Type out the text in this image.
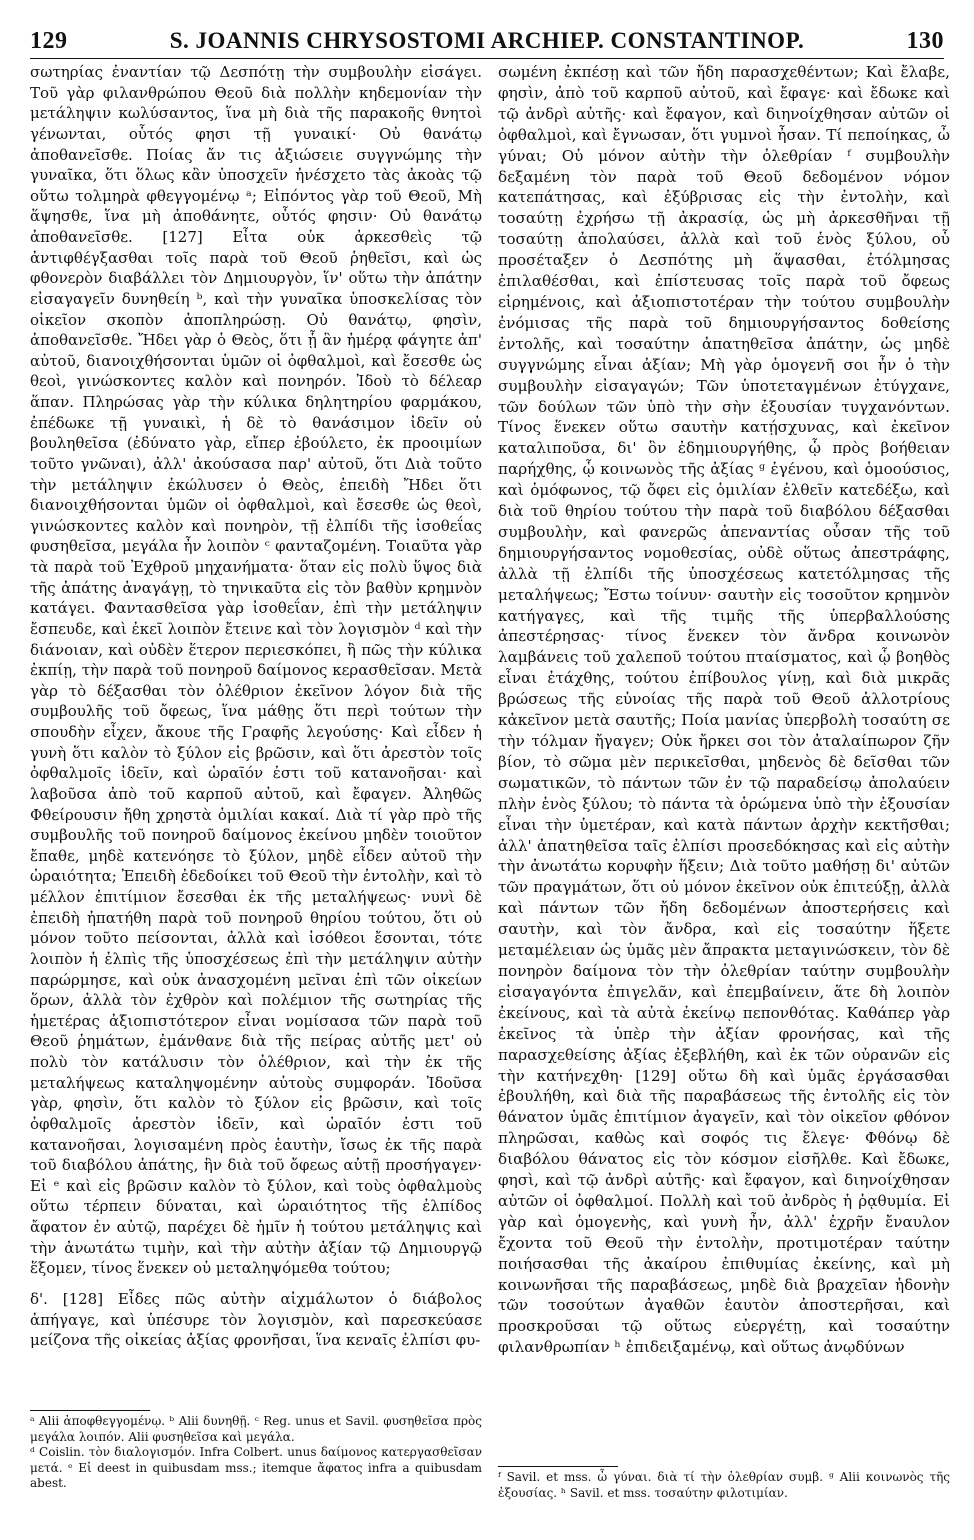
129	S. JOANNIS CHRYSOSTOMI ARCHIEP. CONSTANTINOP.	130

σωτηρίας ἐναντίαν τῷ Δεσπότῃ τὴν συμβουλὴν εἰσάγει. Τοῦ γὰρ φιλανθρώπου Θεοῦ διὰ πολλὴν κηδεμονίαν τὴν μετάληψιν κωλύσαντος, ἵνα μὴ διὰ τῆς παρακοῆς θνητοὶ γένωνται, οὗτός φησι τῇ γυναικί· Οὐ θανάτῳ ἀποθανεῖσθε. Ποίας ἄν τις ἀξιώσειε συγγνώμης τὴν γυναῖκα, ὅτι ὅλως κἂν ὑποσχεῖν ἠνέσχετο τὰς ἀκοὰς τῷ οὕτω τολμηρὰ φθεγγομένῳ ᵃ; Εἰπόντος γὰρ τοῦ Θεοῦ, Μὴ ἅψησθε, ἵνα μὴ ἀποθάνητε, οὗτός φησιν· Οὐ θανάτῳ ἀποθανεῖσθε. [127] Εἶτα οὐκ ἀρκεσθεὶς τῷ ἀντιφθέγξασθαι τοῖς παρὰ τοῦ Θεοῦ ῥηθεῖσι, καὶ ὡς φθονερὸν διαβάλλει τὸν Δημιουργὸν, ἵν' οὕτω τὴν ἀπάτην εἰσαγαγεῖν δυνηθείη ᵇ, καὶ τὴν γυναῖκα ὑποσκελίσας τὸν οἰκεῖον σκοπὸν ἀποπληρώσῃ. Οὐ θανάτῳ, φησὶν, ἀποθανεῖσθε. Ἤδει γὰρ ὁ Θεὸς, ὅτι ᾗ ἂν ἡμέρᾳ φάγητε ἀπ' αὐτοῦ, διανοιχθήσονται ὑμῶν οἱ ὀφθαλμοὶ, καὶ ἔσεσθε ὡς θεοὶ, γινώσκοντες καλὸν καὶ πονηρόν. Ἰδοὺ τὸ δέλεαρ ἅπαν. Πληρώσας γὰρ τὴν κύλικα δηλητηρίου φαρμάκου, ἐπέδωκε τῇ γυναικὶ, ἡ δὲ τὸ θανάσιμον ἰδεῖν οὐ βουληθεῖσα (ἐδύνατο γὰρ, εἴπερ ἐβούλετο, ἐκ προοιμίων τοῦτο γνῶναι), ἀλλ' ἀκούσασα παρ' αὐτοῦ, ὅτι Διὰ τοῦτο τὴν μετάληψιν ἐκώλυσεν ὁ Θεὸς, ἐπειδὴ Ἤδει ὅτι διανοιχθήσονται ὑμῶν οἱ ὀφθαλμοὶ, καὶ ἔσεσθε ὡς θεοὶ, γινώσκοντες καλὸν καὶ πονηρὸν, τῇ ἐλπίδι τῆς ἰσοθεΐας φυσηθεῖσα, μεγάλα ἦν λοιπὸν ᶜ φανταζομένη. Τοιαῦτα γὰρ τὰ παρὰ τοῦ Ἐχθροῦ μηχανήματα· ὅταν εἰς πολὺ ὕψος διὰ τῆς ἀπάτης ἀναγάγῃ, τὸ τηνικαῦτα εἰς τὸν βαθὺν κρημνὸν κατάγει. Φαντασθεῖσα γὰρ ἰσοθεΐαν, ἐπὶ τὴν μετάληψιν ἔσπευδε, καὶ ἐκεῖ λοιπὸν ἔτεινε καὶ τὸν λογισμὸν ᵈ καὶ τὴν διάνοιαν, καὶ οὐδὲν ἕτερον περιεσκόπει, ἢ πῶς τὴν κύλικα ἐκπίῃ, τὴν παρὰ τοῦ πονηροῦ δαίμονος κερασθεῖσαν. Μετὰ γὰρ τὸ δέξασθαι τὸν ὀλέθριον ἐκεῖνον λόγον διὰ τῆς συμβουλῆς τοῦ ὄφεως, ἵνα μάθῃς ὅτι περὶ τούτων τὴν σπουδὴν εἶχεν, ἄκουε τῆς Γραφῆς λεγούσης· Καὶ εἶδεν ἡ γυνὴ ὅτι καλὸν τὸ ξύλον εἰς βρῶσιν, καὶ ὅτι ἀρεστὸν τοῖς ὀφθαλμοῖς ἰδεῖν, καὶ ὡραῖόν ἐστι τοῦ κατανοῆσαι· καὶ λαβοῦσα ἀπὸ τοῦ καρποῦ αὐτοῦ, καὶ ἔφαγεν. Ἀληθῶς Φθείρουσιν ἤθη χρηστὰ ὁμιλίαι κακαί. Διὰ τί γὰρ πρὸ τῆς συμβουλῆς τοῦ πονηροῦ δαίμονος ἐκείνου μηδὲν τοιοῦτον ἔπαθε, μηδὲ κατενόησε τὸ ξύλον, μηδὲ εἶδεν αὐτοῦ τὴν ὡραιότητα; Ἐπειδὴ ἐδεδοίκει τοῦ Θεοῦ τὴν ἐντολὴν, καὶ τὸ μέλλον ἐπιτίμιον ἔσεσθαι ἐκ τῆς μεταλήψεως· νυνὶ δὲ ἐπειδὴ ἠπατήθη παρὰ τοῦ πονηροῦ θηρίου τούτου, ὅτι οὐ μόνον τοῦτο πείσονται, ἀλλὰ καὶ ἰσόθεοι ἔσονται, τότε λοιπὸν ἡ ἐλπὶς τῆς ὑποσχέσεως ἐπὶ τὴν μετάληψιν αὐτὴν παρώρμησε, καὶ οὐκ ἀνασχομένη μεῖναι ἐπὶ τῶν οἰκείων ὅρων, ἀλλὰ τὸν ἐχθρὸν καὶ πολέμιον τῆς σωτηρίας τῆς ἡμετέρας ἀξιοπιστότερον εἶναι νομίσασα τῶν παρὰ τοῦ Θεοῦ ῥημάτων, ἐμάνθανε διὰ τῆς πείρας αὐτῆς μετ' οὐ πολὺ τὸν κατάλυσιν τὸν ὀλέθριον, καὶ τὴν ἐκ τῆς μεταλήψεως καταληψομένην αὐτοὺς συμφοράν. Ἰδοῦσα γὰρ, φησὶν, ὅτι καλὸν τὸ ξύλον εἰς βρῶσιν, καὶ τοῖς ὀφθαλμοῖς ἀρεστὸν ἰδεῖν, καὶ ὡραῖόν ἐστι τοῦ κατανοῆσαι, λογισαμένη πρὸς ἑαυτὴν, ἴσως ἐκ τῆς παρὰ τοῦ διαβόλου ἀπάτης, ἣν διὰ τοῦ ὄφεως αὐτῇ προσήγαγεν· Εἰ ᵉ καὶ εἰς βρῶσιν καλὸν τὸ ξύλον, καὶ τοὺς ὀφθαλμοὺς οὕτω τέρπειν δύναται, καὶ ὡραιότητος τῆς ἐλπίδος ἄφατον ἐν αὐτῷ, παρέχει δὲ ἡμῖν ἡ τούτου μετάληψις καὶ τὴν ἀνωτάτω τιμὴν, καὶ τὴν αὐτὴν ἀξίαν τῷ Δημιουργῷ ἕξομεν, τίνος ἕνεκεν οὐ μεταληψόμεθα τούτου;

δ'. [128] Εἶδες πῶς αὐτὴν αἰχμάλωτον ὁ διάβολος ἀπήγαγε, καὶ ὑπέσυρε τὸν λογισμὸν, καὶ παρεσκεύασε μείζονα τῆς οἰκείας ἀξίας φρονῆσαι, ἵνα κεναῖς ἐλπίσι φυ-

σωμένη ἐκπέσῃ καὶ τῶν ἤδη παρασχεθέντων; Καὶ ἔλαβε, φησὶν, ἀπὸ τοῦ καρποῦ αὐτοῦ, καὶ ἔφαγε· καὶ ἔδωκε καὶ τῷ ἀνδρὶ αὐτῆς· καὶ ἔφαγον, καὶ διηνοίχθησαν αὐτῶν οἱ ὀφθαλμοὶ, καὶ ἔγνωσαν, ὅτι γυμνοὶ ἦσαν. Τί πεποίηκας, ὦ γύναι; Οὐ μόνον αὐτὴν τὴν ὀλεθρίαν ᶠ συμβουλὴν δεξαμένη τὸν παρὰ τοῦ Θεοῦ δεδομένον νόμον κατεπάτησας, καὶ ἐξύβρισας εἰς τὴν ἐντολὴν, καὶ τοσαύτῃ ἐχρήσω τῇ ἀκρασίᾳ, ὡς μὴ ἀρκεσθῆναι τῇ τοσαύτῃ ἀπολαύσει, ἀλλὰ καὶ τοῦ ἑνὸς ξύλου, οὗ προσέταξεν ὁ Δεσπότης μὴ ἅψασθαι, ἐτόλμησας ἐπιλαθέσθαι, καὶ ἐπίστευσας τοῖς παρὰ τοῦ ὄφεως εἰρημένοις, καὶ ἀξιοπιστοτέραν τὴν τούτου συμβουλὴν ἐνόμισας τῆς παρὰ τοῦ δημιουργήσαντος δοθείσης ἐντολῆς, καὶ τοσαύτην ἀπατηθεῖσα ἀπάτην, ὡς μηδὲ συγγνώμης εἶναι ἀξίαν; Μὴ γὰρ ὁμογενῆ σοι ἦν ὁ τὴν συμβουλὴν εἰσαγαγών; Τῶν ὑποτεταγμένων ἐτύγχανε, τῶν δούλων τῶν ὑπὸ τὴν σὴν ἐξουσίαν τυγχανόντων. Τίνος ἕνεκεν οὕτω σαυτὴν κατῄσχυνας, καὶ ἐκεῖνον καταλιποῦσα, δι' ὃν ἐδημιουργήθης, ᾧ πρὸς βοήθειαν παρήχθης, ᾧ κοινωνὸς τῆς ἀξίας ᵍ ἐγένου, καὶ ὁμοούσιος, καὶ ὁμόφωνος, τῷ ὄφει εἰς ὁμιλίαν ἐλθεῖν κατεδέξω, καὶ διὰ τοῦ θηρίου τούτου τὴν παρὰ τοῦ διαβόλου δέξασθαι συμβουλὴν, καὶ φανερῶς ἀπεναντίας οὖσαν τῆς τοῦ δημιουργήσαντος νομοθεσίας, οὐδὲ οὕτως ἀπεστράφης, ἀλλὰ τῇ ἐλπίδι τῆς ὑποσχέσεως κατετόλμησας τῆς μεταλήψεως; Ἔστω τοίνυν· σαυτὴν εἰς τοσοῦτον κρημνὸν κατήγαγες, καὶ τῆς τιμῆς τῆς ὑπερβαλλούσης ἀπεστέρησας· τίνος ἕνεκεν τὸν ἄνδρα κοινωνὸν λαμβάνεις τοῦ χαλεποῦ τούτου πταίσματος, καὶ ᾧ βοηθὸς εἶναι ἐτάχθης, τούτου ἐπίβουλος γίνῃ, καὶ διὰ μικρᾶς βρώσεως τῆς εὐνοίας τῆς παρὰ τοῦ Θεοῦ ἀλλοτρίους κἀκεῖνον μετὰ σαυτῆς; Ποία μανίας ὑπερβολὴ τοσαύτη σε τὴν τόλμαν ἤγαγεν; Οὐκ ἤρκει σοι τὸν ἀταλαίπωρον ζῆν βίον, τὸ σῶμα μὲν περικεῖσθαι, μηδενὸς δὲ δεῖσθαι τῶν σωματικῶν, τὸ πάντων τῶν ἐν τῷ παραδείσῳ ἀπολαύειν πλὴν ἑνὸς ξύλου; τὸ πάντα τὰ ὁρώμενα ὑπὸ τὴν ἐξουσίαν εἶναι τὴν ὑμετέραν, καὶ κατὰ πάντων ἀρχὴν κεκτῆσθαι; ἀλλ' ἀπατηθεῖσα ταῖς ἐλπίσι προσεδόκησας καὶ εἰς αὐτὴν τὴν ἀνωτάτω κορυφὴν ἥξειν; Διὰ τοῦτο μαθήσῃ δι' αὐτῶν τῶν πραγμάτων, ὅτι οὐ μόνον ἐκεῖνον οὐκ ἐπιτεύξῃ, ἀλλὰ καὶ πάντων τῶν ἤδη δεδομένων ἀποστερήσεις καὶ σαυτὴν, καὶ τὸν ἄνδρα, καὶ εἰς τοσαύτην ἥξετε μεταμέλειαν ὡς ὑμᾶς μὲν ἄπρακτα μεταγινώσκειν, τὸν δὲ πονηρὸν δαίμονα τὸν τὴν ὀλεθρίαν ταύτην συμβουλὴν εἰσαγαγόντα ἐπιγελᾶν, καὶ ἐπεμβαίνειν, ἅτε δὴ λοιπὸν ἐκείνους, καὶ τὰ αὐτὰ ἐκείνῳ πεπονθότας. Καθάπερ γὰρ ἐκεῖνος τὰ ὑπὲρ τὴν ἀξίαν φρονήσας, καὶ τῆς παρασχεθείσης ἀξίας ἐξεβλήθη, καὶ ἐκ τῶν οὐρανῶν εἰς τὴν κατήνεχθη· [129] οὕτω δὴ καὶ ὑμᾶς ἐργάσασθαι ἐβουλήθη, καὶ διὰ τῆς παραβάσεως τῆς ἐντολῆς εἰς τὸν θάνατον ὑμᾶς ἐπιτίμιον ἀγαγεῖν, καὶ τὸν οἰκεῖον φθόνον πληρῶσαι, καθὼς καὶ σοφός τις ἔλεγε· Φθόνῳ δὲ διαβόλου θάνατος εἰς τὸν κόσμον εἰσῆλθε. Καὶ ἔδωκε, φησὶ, καὶ τῷ ἀνδρὶ αὐτῆς· καὶ ἔφαγον, καὶ διηνοίχθησαν αὐτῶν οἱ ὀφθαλμοί. Πολλὴ καὶ τοῦ ἀνδρὸς ἡ ῥᾳθυμία. Εἰ γὰρ καὶ ὁμογενὴς, καὶ γυνὴ ἦν, ἀλλ' ἐχρῆν ἔναυλον ἔχοντα τοῦ Θεοῦ τὴν ἐντολὴν, προτιμοτέραν ταύτην ποιήσασθαι τῆς ἀκαίρου ἐπιθυμίας ἐκείνης, καὶ μὴ κοινωνῆσαι τῆς παραβάσεως, μηδὲ διὰ βραχεῖαν ἡδονὴν τῶν τοσούτων ἀγαθῶν ἑαυτὸν ἀποστερῆσαι, καὶ προσκροῦσαι τῷ οὕτως εὐεργέτῃ, καὶ τοσαύτην φιλανθρωπίαν ʰ ἐπιδειξαμένῳ, καὶ οὕτως ἀνῳδύνων

ᵃ Alii ἀποφθεγγομένῳ. ᵇ Alii δυνηθῇ. ᶜ Reg. unus et Savil. φυσηθεῖσα πρὸς μεγάλα λοιπόν. Alii φυσηθεῖσα καὶ μεγάλα.

ᵈ Coislin. τὸν διαλογισμόν. Infra Colbert. unus δαίμονος κατεργασθεῖσαν μετά. ᵉ Εἰ deest in quibusdam mss.; itemque ἄφατος infra a quibusdam abest.	ᶠ Savil. et mss. ὦ γύναι. διὰ τί τὴν ὀλεθρίαν συμβ. ᵍ Alii κοινωνὸς τῆς ἐξουσίας. ʰ Savil. et mss. τοσαύτην φιλοτιμίαν.
